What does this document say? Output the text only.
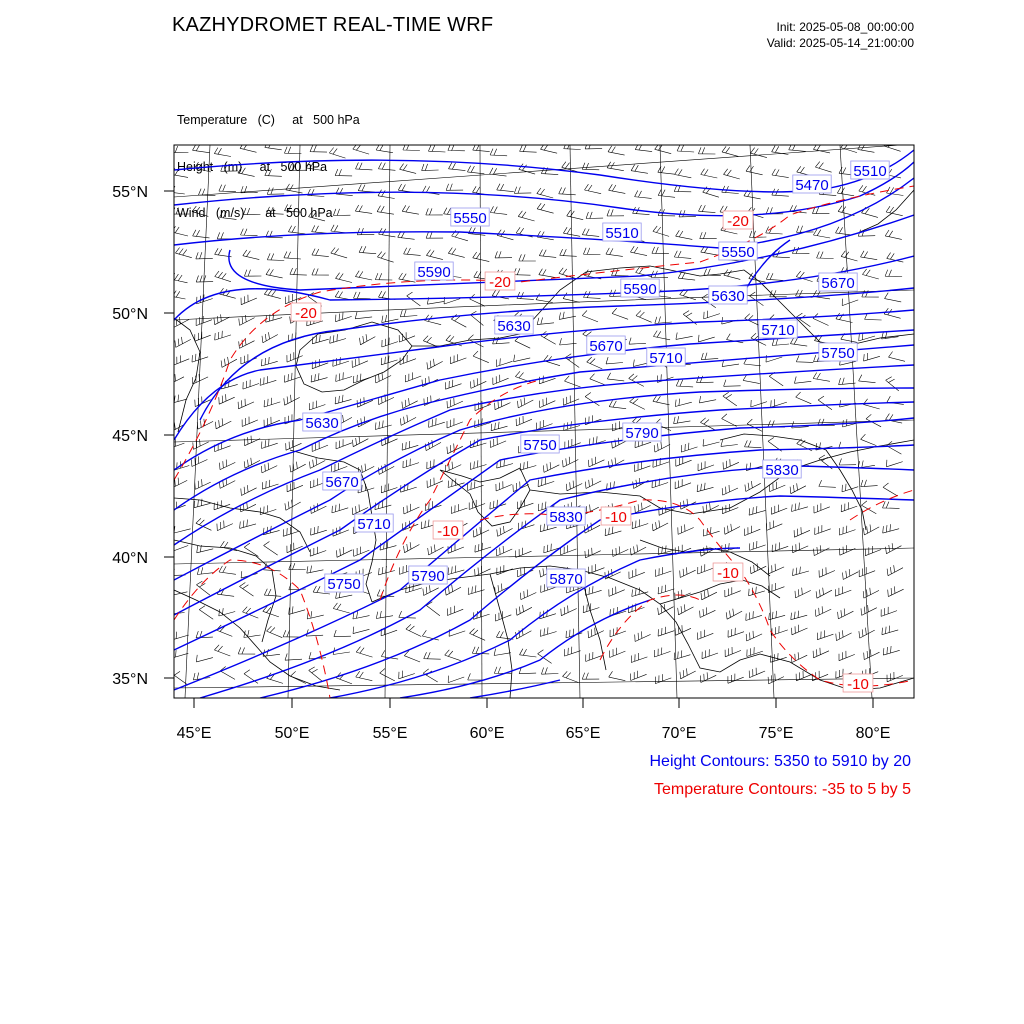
KAZHYDROMET REAL-TIME WRF	Init: 2025-05-08_00:00:00
Valid: 2025-05-14_21:00:00

Temperature   (C)     at   500 hPa

Height   (m)     at   500 hPa

Wind   (m/s)      at   500 hPa	5550
5510
5470
5510
5590
5550
5590	5670
5630
5630
5670
5710
5710	5750
5630
5750
5790
5670
5830
5710	5830
5790	5870
5750
-20
-20
-20
-10
-10
-10
-10
55°N
50°N
45°N
40°N
35°N
45°E	50°E	55°E	60°E	65°E	70°E	75°E	80°E
Height Contours: 5350 to 5910 by 20
Temperature Contours: -35 to 5 by 5
